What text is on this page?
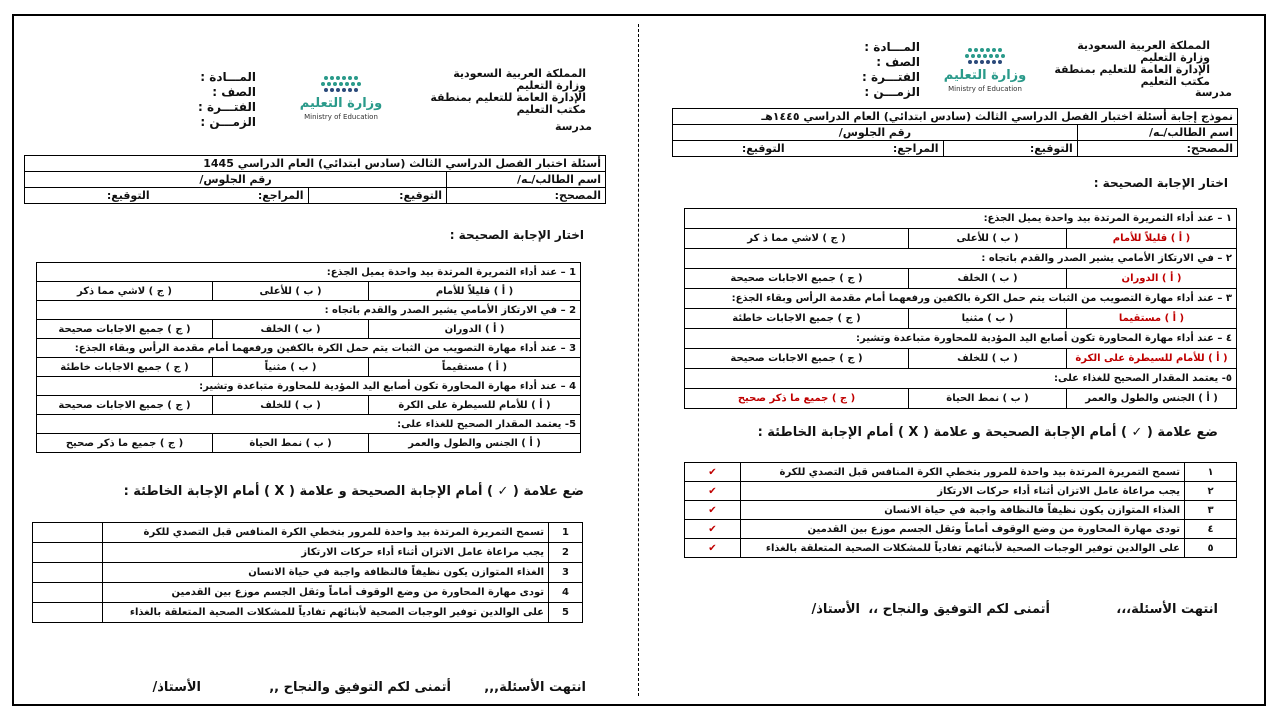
المملكة العربية السعودية
وزارة التعليم
الإدارة العامة للتعليم بمنطقة
مكتب التعليم
مدرسة
وزارة التعليم
Ministry of Education
المـــادة :
الصف :
الفتـــرة :
الزمـــن :
أسئلة اختبار الفصل الدراسي الثالث (سادس ابتدائي) العام الدراسي 1445		
اسم الطالب/ـه/	رقم الجلوس/	
المصحح:	التوقيع:	المراجع: التوقيع:
اختار الإجابة الصحيحة :
1 – عند أداء التمريرة المرتدة بيد واحدة يميل الجذع:		
( أ ) قليلاً للأمام	( ب ) للأعلى	( ج ) لاشي مما ذكر
2 – في الارتكاز الأمامي يشير الصدر والقدم باتجاه :		
( أ ) الدوران	( ب ) الخلف	( ج ) جميع الاجابات صحيحة
3 – عند أداء مهارة التصويب من الثبات يتم حمل الكرة بالكفين ورفعهما أمام مقدمة الرأس وبقاء الجذع:		
( أ ) مستقيماً	( ب ) مثنياً	( ج ) جميع الاجابات خاطئة
4 – عند أداء مهارة المحاورة تكون أصابع اليد المؤدية للمحاورة متباعدة وتشير:		
( أ ) للأمام للسيطرة على الكرة	( ب ) للخلف	( ج ) جميع الاجابات صحيحة
5- يعتمد المقدار الصحيح للغذاء على:		
( أ ) الجنس والطول والعمر	( ب ) نمط الحياة	( ج ) جميع ما ذكر صحيح
ضع علامة ( ✓ ) أمام الإجابة الصحيحة و علامة ( X ) أمام الإجابة الخاطئة :
1	تسمح التمريرة المرتدة بيد واحدة للمرور بتخطي الكرة المنافس قبل التصدي للكرة	
2	يجب مراعاة عامل الاتزان أثناء أداء حركات الارتكاز	
3	الغذاء المتوازن يكون نظيفاً فالنظافة واجبة في حياة الانسان	
4	تودى مهارة المحاورة من وضع الوقوف أماماً وثقل الجسم موزع بين القدمين	
5	على الوالدين توفير الوجبات الصحية لأبنائهم تفادياً للمشكلات الصحية المتعلقة بالغذاء	
انتهت الأسئلة,,,
أتمنى لكم التوفيق والنجاح ,,
الأستاذ/
المملكة العربية السعودية
وزارة التعليم
الإدارة العامة للتعليم بمنطقة
مكتب التعليم
مدرسة
وزارة التعليم
Ministry of Education
المـــادة :
الصف :
الفتـــرة :
الزمـــن :
نموذج إجابة أسئلة اختبار الفصل الدراسي الثالث (سادس ابتدائي) العام الدراسي ١٤٤٥هـ		
اسم الطالب/ـه/	رقم الجلوس/	
المصحح:	التوقيع:	المراجع: التوقيع:
اختار الإجابة الصحيحة :
١ – عند أداء التمريرة المرتدة بيد واحدة يميل الجذع:		
( أ ) قليلاً للأمام	( ب ) للأعلى	( ج ) لاشي مما ذ كر
٢ – في الارتكاز الأمامي يشير الصدر والقدم باتجاه :		
( أ ) الدوران	( ب ) الخلف	( ج ) جميع الاجابات صحيحة
٣ – عند أداء مهارة التصويب من الثبات يتم حمل الكرة بالكفين ورفعهما أمام مقدمة الرأس وبقاء الجذع:		
( أ ) مستقيما	( ب ) مثنيا	( ج ) جميع الاجابات خاطئة
٤ – عند أداء مهارة المحاورة تكون أصابع اليد المؤدية للمحاورة متباعدة وتشير:		
( أ ) للأمام للسيطرة على الكرة	( ب ) للخلف	( ج ) جميع الاجابات صحيحة
٥- يعتمد المقدار الصحيح للغذاء على:		
( أ ) الجنس والطول والعمر	( ب ) نمط الحياة	( ج ) جميع ما ذكر صحيح
ضع علامة ( ✓ ) أمام الإجابة الصحيحة و علامة ( X ) أمام الإجابة الخاطئة :
١	تسمح التمريرة المرتدة بيد واحدة للمرور بتخطي الكرة المنافس قبل التصدي للكرة	✔
٢	يجب مراعاة عامل الاتزان أثناء أداء حركات الارتكاز	✔
٣	الغذاء المتوازن يكون نظيفاً فالنظافة واجبة في حياة الانسان	✔
٤	تودى مهارة المحاورة من وضع الوقوف أماماً وثقل الجسم موزع بين القدمين	✔
٥	على الوالدين توفير الوجبات الصحية لأبنائهم تفادياً للمشكلات الصحية المتعلقة بالغذاء	✔
انتهت الأسئلة،،،
أتمنى لكم التوفيق والنجاح ،،
الأستاذ/
